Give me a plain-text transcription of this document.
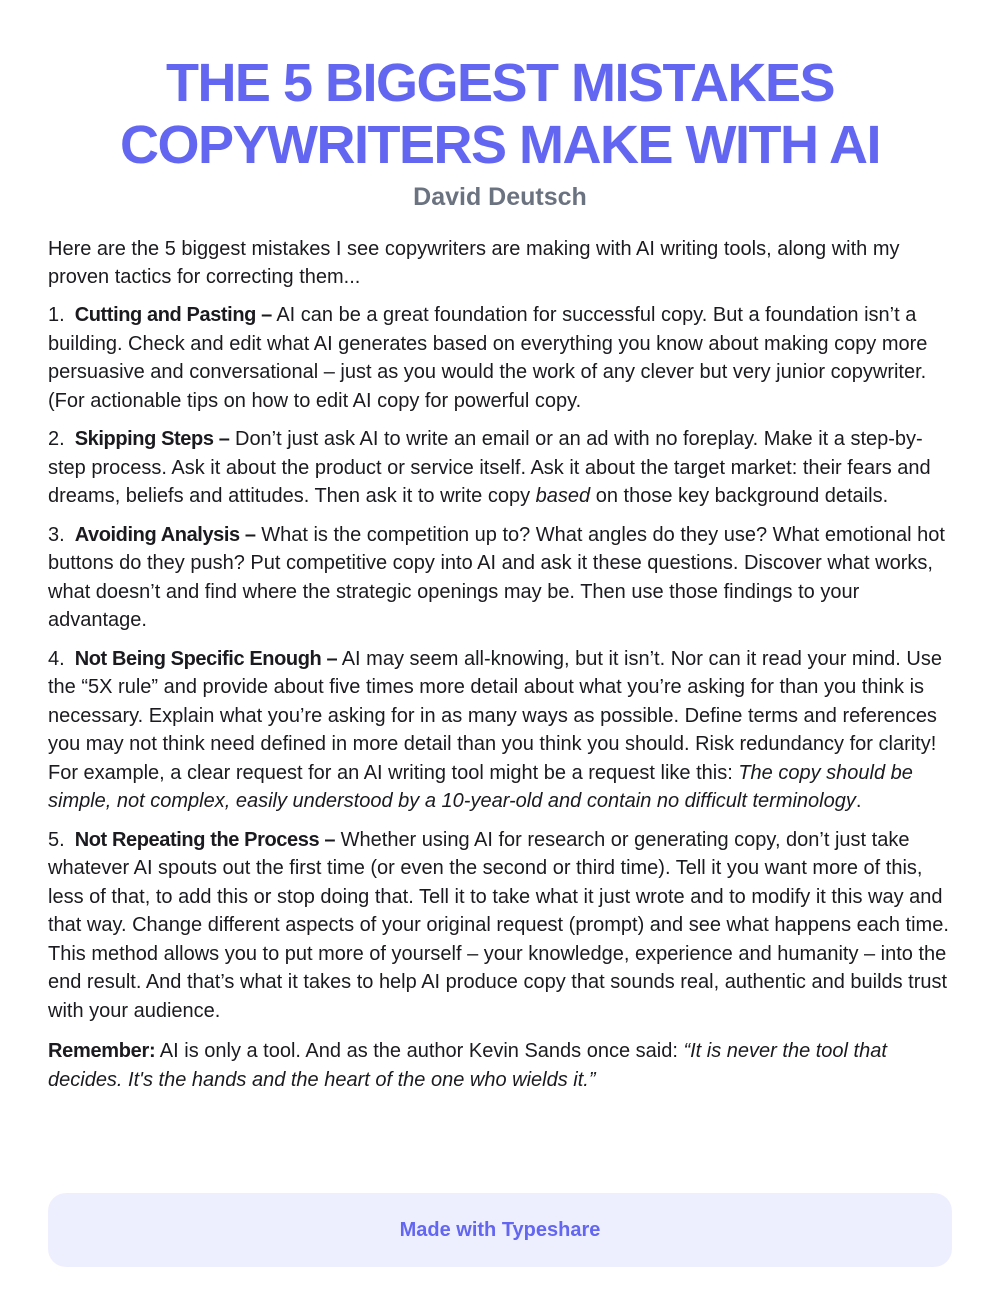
THE 5 BIGGEST MISTAKES
COPYWRITERS MAKE WITH AI
David Deutsch

Here are the 5 biggest mistakes I see copywriters are making with AI writing tools, along with my proven tactics for correcting them...

1. Cutting and Pasting – AI can be a great foundation for successful copy. But a foundation isn’t a building. Check and edit what AI generates based on everything you know about making copy more persuasive and conversational – just as you would the work of any clever but very junior copywriter. (For actionable tips on how to edit AI copy for powerful copy.

2. Skipping Steps – Don’t just ask AI to write an email or an ad with no foreplay. Make it a step-by-step process. Ask it about the product or service itself. Ask it about the target market: their fears and dreams, beliefs and attitudes. Then ask it to write copy based on those key background details.

3. Avoiding Analysis – What is the competition up to? What angles do they use? What emotional hot buttons do they push? Put competitive copy into AI and ask it these questions. Discover what works, what doesn’t and find where the strategic openings may be. Then use those findings to your advantage.

4. Not Being Specific Enough – AI may seem all-knowing, but it isn’t. Nor can it read your mind. Use the “5X rule” and provide about five times more detail about what you’re asking for than you think is necessary. Explain what you’re asking for in as many ways as possible. Define terms and references you may not think need defined in more detail than you think you should. Risk redundancy for clarity! For example, a clear request for an AI writing tool might be a request like this: The copy should be simple, not complex, easily understood by a 10-year-old and contain no difficult terminology.

5. Not Repeating the Process – Whether using AI for research or generating copy, don’t just take whatever AI spouts out the first time (or even the second or third time). Tell it you want more of this, less of that, to add this or stop doing that. Tell it to take what it just wrote and to modify it this way and that way. Change different aspects of your original request (prompt) and see what happens each time. This method allows you to put more of yourself – your knowledge, experience and humanity – into the end result. And that’s what it takes to help AI produce copy that sounds real, authentic and builds trust with your audience.

Remember: AI is only a tool. And as the author Kevin Sands once said: “It is never the tool that decides. It's the hands and the heart of the one who wields it.”

Made with Typeshare
